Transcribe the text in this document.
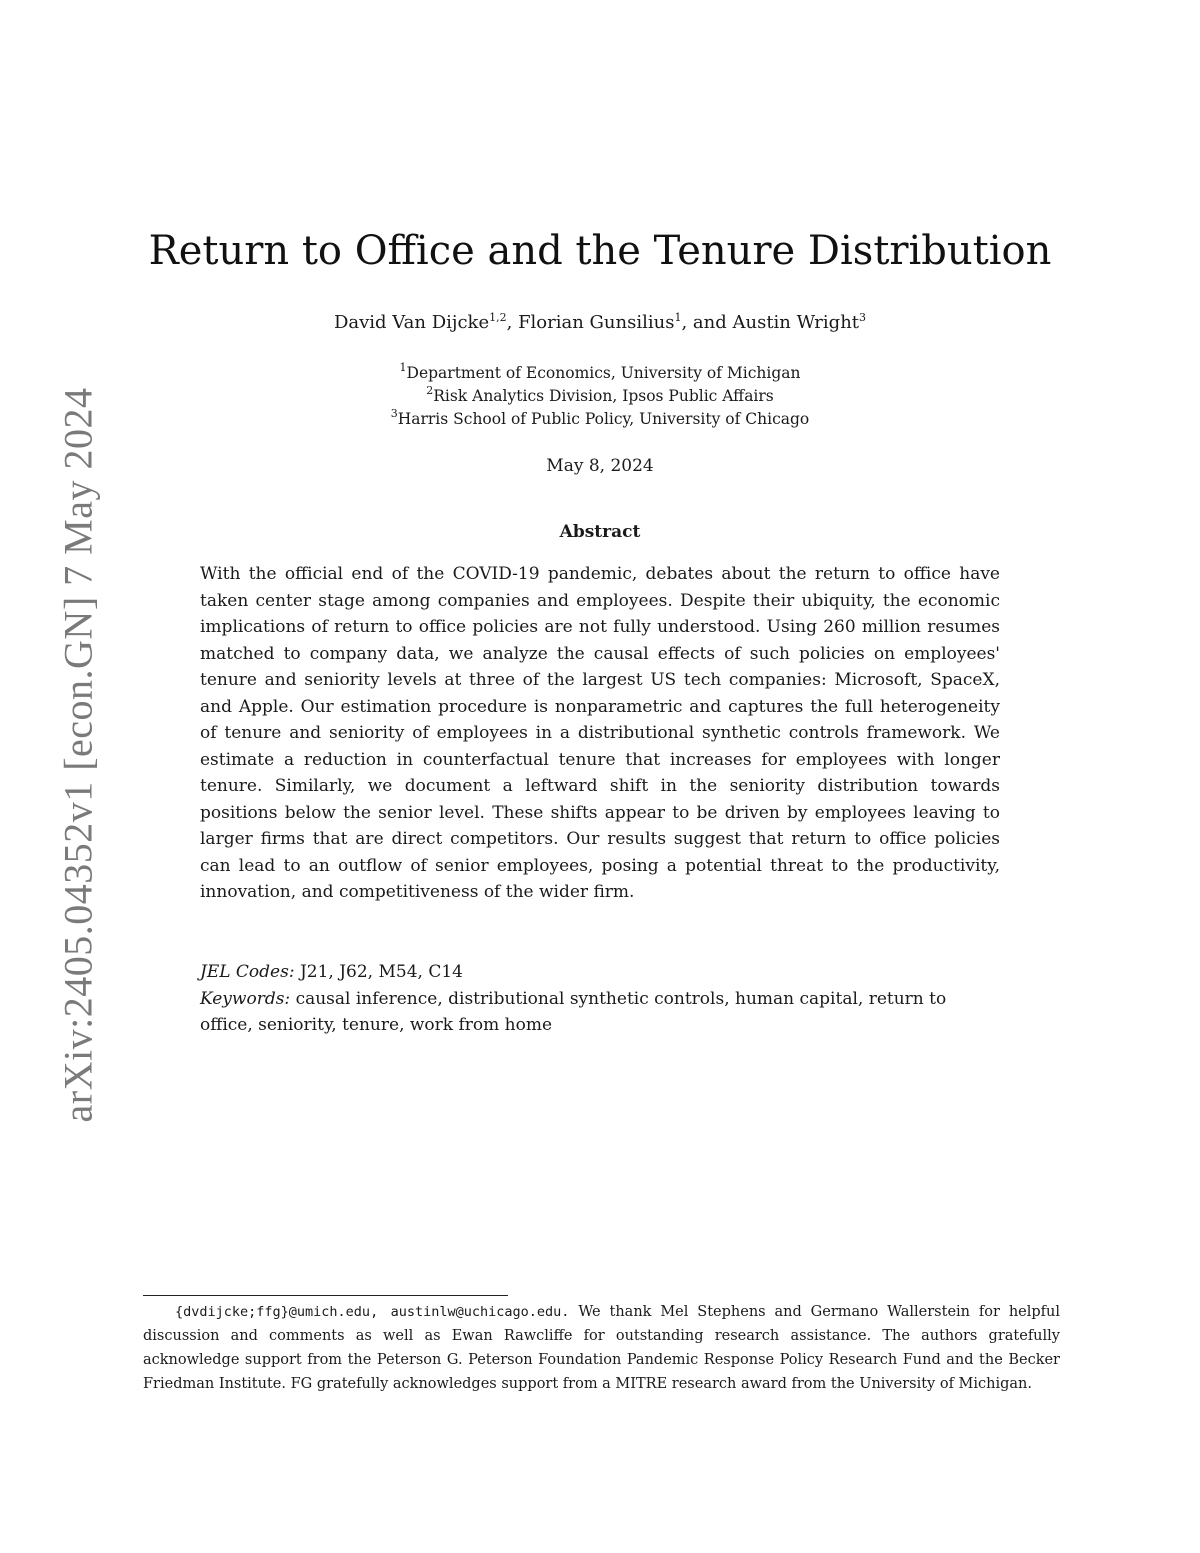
arXiv:2405.04352v1 [econ.GN] 7 May 2024
Return to Office and the Tenure Distribution
David Van Dijcke$^{1,2}$, Florian Gunsilius$^1$, and Austin Wright$^3$
$^1$Department of Economics, University of Michigan
$^2$Risk Analytics Division, Ipsos Public Affairs
$^3$Harris School of Public Policy, University of Chicago
May 8, 2024
Abstract

With the official end of the COVID-19 pandemic, debates about the return to office have taken center stage among companies and employees. Despite their ubiquity, the economic implications of return to office policies are not fully understood. Using 260 million resumes matched to company data, we analyze the causal effects of such policies on employees' tenure and seniority levels at three of the largest US tech companies: Microsoft, SpaceX, and Apple. Our estimation procedure is nonparametric and captures the full heterogeneity of tenure and seniority of employees in a distributional synthetic controls framework. We estimate a reduction in counterfactual tenure that increases for employees with longer tenure. Similarly, we document a leftward shift in the seniority distribution towards positions below the senior level. These shifts appear to be driven by employees leaving to larger firms that are direct competitors. Our results suggest that return to office policies can lead to an outflow of senior employees, posing a potential threat to the productivity, innovation, and competitiveness of the wider firm.

JEL Codes: J21, J62, M54, C14
Keywords: causal inference, distributional synthetic controls, human capital, return to office, seniority, tenure, work from home

{dvdijcke;ffg}@umich.edu, austinlw@uchicago.edu. We thank Mel Stephens and Germano Wallerstein for helpful discussion and comments as well as Ewan Rawcliffe for outstanding research assistance. The authors gratefully acknowledge support from the Peterson G. Peterson Foundation Pandemic Response Policy Research Fund and the Becker Friedman Institute. FG gratefully acknowledges support from a MITRE research award from the University of Michigan.
